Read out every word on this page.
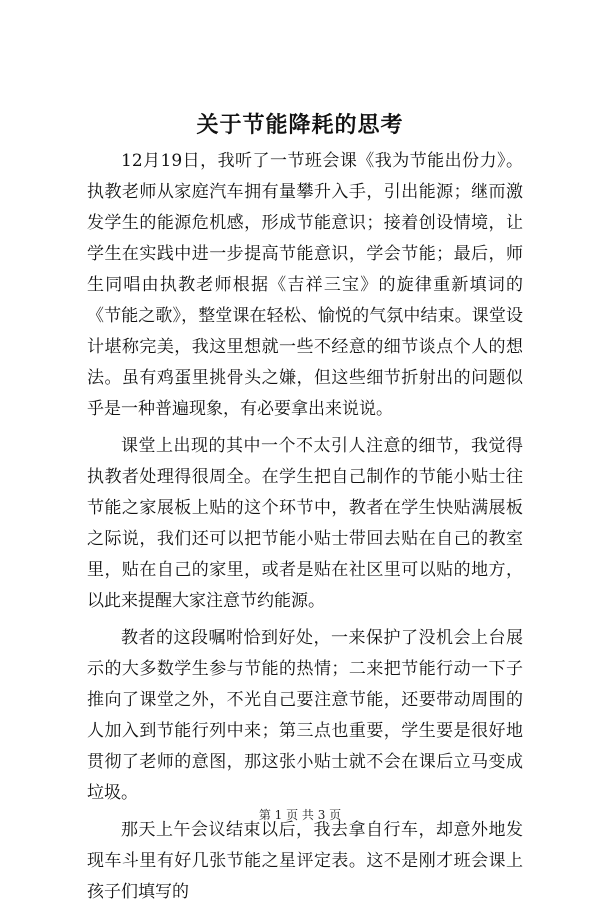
关于节能降耗的思考

12月19日，我听了一节班会课《我为节能出份力》。执教老师从家庭汽车拥有量攀升入手，引出能源；继而激发学生的能源危机感，形成节能意识；接着创设情境，让学生在实践中进一步提高节能意识，学会节能；最后，师生同唱由执教老师根据《吉祥三宝》的旋律重新填词的《节能之歌》，整堂课在轻松、愉悦的气氛中结束。课堂设计堪称完美，我这里想就一些不经意的细节谈点个人的想法。虽有鸡蛋里挑骨头之嫌，但这些细节折射出的问题似乎是一种普遍现象，有必要拿出来说说。

课堂上出现的其中一个不太引人注意的细节，我觉得执教者处理得很周全。在学生把自己制作的节能小贴士往节能之家展板上贴的这个环节中，教者在学生快贴满展板之际说，我们还可以把节能小贴士带回去贴在自己的教室里，贴在自己的家里，或者是贴在社区里可以贴的地方，以此来提醒大家注意节约能源。

教者的这段嘱咐恰到好处，一来保护了没机会上台展示的大多数学生参与节能的热情；二来把节能行动一下子推向了课堂之外，不光自己要注意节能，还要带动周围的人加入到节能行列中来；第三点也重要，学生要是很好地贯彻了老师的意图，那这张小贴士就不会在课后立马变成垃圾。

那天上午会议结束以后，我去拿自行车，却意外地发现车斗里有好几张节能之星评定表。这不是刚才班会课上孩子们填写的

第 1 页 共 3 页
